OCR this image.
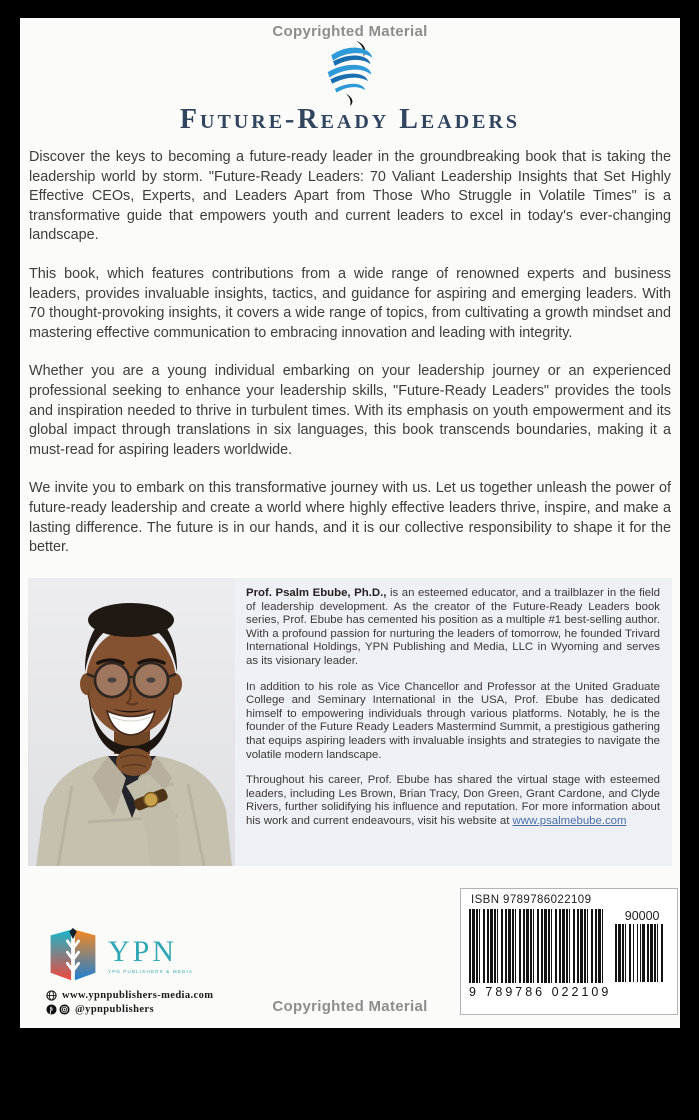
Copyrighted Material
Future-Ready Leaders

Discover the keys to becoming a future-ready leader in the groundbreaking book that is taking the leadership world by storm. "Future-Ready Leaders: 70 Valiant Leadership Insights that Set Highly Effective CEOs, Experts, and Leaders Apart from Those Who Struggle in Volatile Times" is a transformative guide that empowers youth and current leaders to excel in today's ever-changing landscape.

This book, which features contributions from a wide range of renowned experts and business leaders, provides invaluable insights, tactics, and guidance for aspiring and emerging leaders. With 70 thought-provoking insights, it covers a wide range of topics, from cultivating a growth mindset and mastering effective communication to embracing innovation and leading with integrity.

Whether you are a young individual embarking on your leadership journey or an experienced professional seeking to enhance your leadership skills, "Future-Ready Leaders" provides the tools and inspiration needed to thrive in turbulent times. With its emphasis on youth empowerment and its global impact through translations in six languages, this book transcends boundaries, making it a must-read for aspiring leaders worldwide.

We invite you to embark on this transformative journey with us. Let us together unleash the power of future-ready leadership and create a world where highly effective leaders thrive, inspire, and make a lasting difference. The future is in our hands, and it is our collective responsibility to shape it for the better.

Prof. Psalm Ebube, Ph.D., is an esteemed educator, and a trailblazer in the field of leadership development. As the creator of the Future-Ready Leaders book series, Prof. Ebube has cemented his position as a multiple #1 best-selling author. With a profound passion for nurturing the leaders of tomorrow, he founded Trivard International Holdings, YPN Publishing and Media, LLC in Wyoming and serves as its visionary leader.

In addition to his role as Vice Chancellor and Professor at the United Graduate College and Seminary International in the USA, Prof. Ebube has dedicated himself to empowering individuals through various platforms. Notably, he is the founder of the Future Ready Leaders Mastermind Summit, a prestigious gathering that equips aspiring leaders with invaluable insights and strategies to navigate the volatile modern landscape.

Throughout his career, Prof. Ebube has shared the virtual stage with esteemed leaders, including Les Brown, Brian Tracy, Don Green, Grant Cardone, and Clyde Rivers, further solidifying his influence and reputation. For more information about his work and current endeavours, visit his website at www.psalmebube.com

YPN
YPN PUBLISHERS & MEDIA
www.ypnpublishers-media.com
@ypnpublishers
ISBN 9789786022109
90000
9 789786 022109
Copyrighted Material
